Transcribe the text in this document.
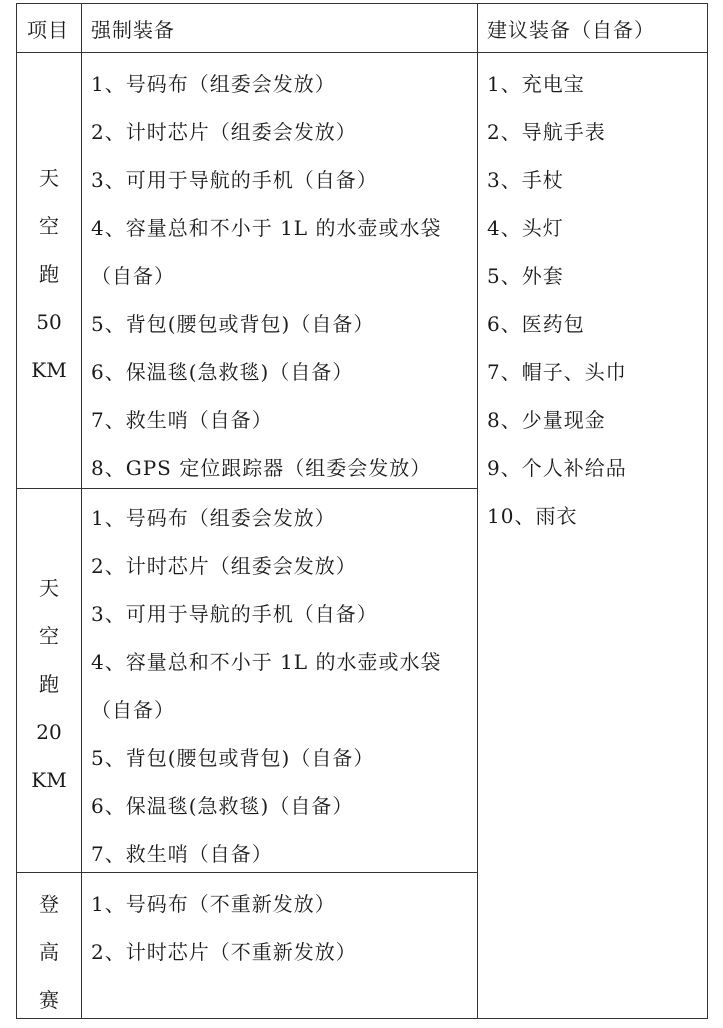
项目 强制装备	建议装备（自备）
天
空
跑
50
KM
1、号码布（组委会发放）
2、计时芯片（组委会发放）
3、可用于导航的手机（自备）
4、容量总和不小于 1L 的水壶或水袋
（自备）
5、背包(腰包或背包)（自备）
6、保温毯(急救毯)（自备）
7、救生哨（自备）
8、GPS 定位跟踪器（组委会发放）
天
空
跑
20
KM
1、号码布（组委会发放）
2、计时芯片（组委会发放）
3、可用于导航的手机（自备）
4、容量总和不小于 1L 的水壶或水袋
（自备）
5、背包(腰包或背包)（自备）
6、保温毯(急救毯)（自备）
7、救生哨（自备）
登
高
赛
1、号码布（不重新发放）
2、计时芯片（不重新发放）
1、充电宝
2、导航手表
3、手杖
4、头灯
5、外套
6、医药包
7、帽子、头巾
8、少量现金
9、个人补给品
10、雨衣
